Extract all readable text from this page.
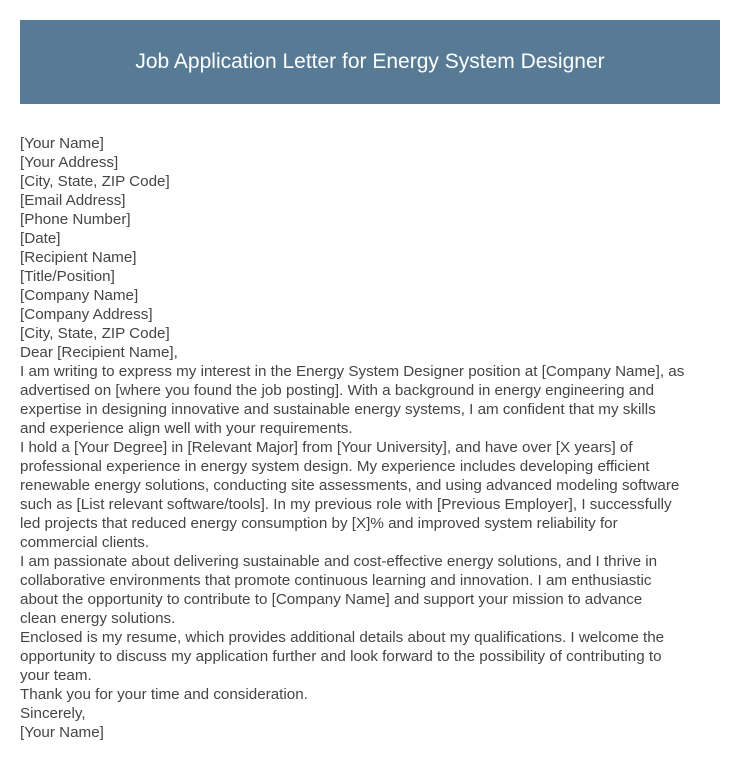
Job Application Letter for Energy System Designer
[Your Name]
[Your Address]
[City, State, ZIP Code]
[Email Address]
[Phone Number]
[Date]
[Recipient Name]
[Title/Position]
[Company Name]
[Company Address]
[City, State, ZIP Code]
Dear [Recipient Name],
I am writing to express my interest in the Energy System Designer position at [Company Name], as
advertised on [where you found the job posting]. With a background in energy engineering and
expertise in designing innovative and sustainable energy systems, I am confident that my skills
and experience align well with your requirements.
I hold a [Your Degree] in [Relevant Major] from [Your University], and have over [X years] of
professional experience in energy system design. My experience includes developing efficient
renewable energy solutions, conducting site assessments, and using advanced modeling software
such as [List relevant software/tools]. In my previous role with [Previous Employer], I successfully
led projects that reduced energy consumption by [X]% and improved system reliability for
commercial clients.
I am passionate about delivering sustainable and cost-effective energy solutions, and I thrive in
collaborative environments that promote continuous learning and innovation. I am enthusiastic
about the opportunity to contribute to [Company Name] and support your mission to advance
clean energy solutions.
Enclosed is my resume, which provides additional details about my qualifications. I welcome the
opportunity to discuss my application further and look forward to the possibility of contributing to
your team.
Thank you for your time and consideration.
Sincerely,
[Your Name]
